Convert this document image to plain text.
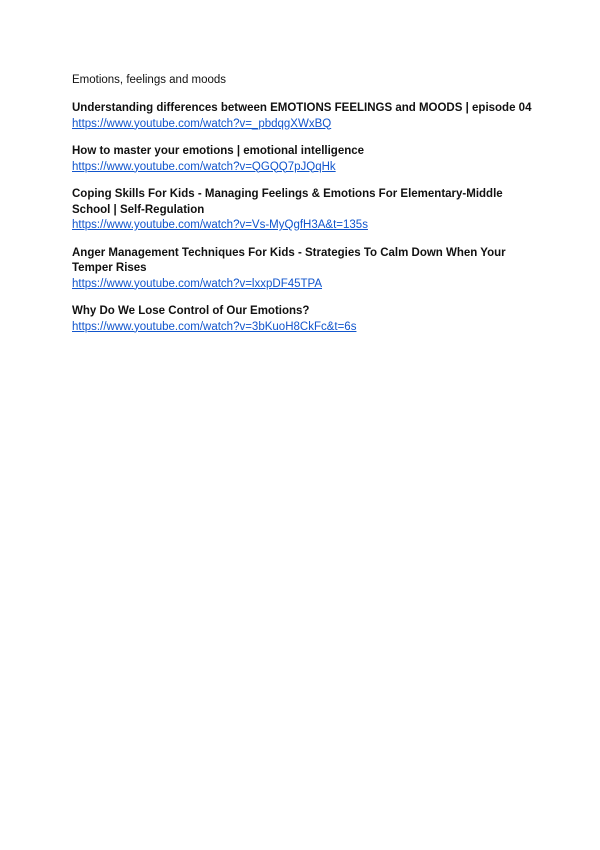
Emotions, feelings and moods

Understanding differences between EMOTIONS FEELINGS and MOODS | episode 04

https://www.youtube.com/watch?v=_pbdqgXWxBQ

How to master your emotions | emotional intelligence

https://www.youtube.com/watch?v=QGQQ7pJQqHk

Coping Skills For Kids - Managing Feelings & Emotions For Elementary-Middle School | Self-Regulation

https://www.youtube.com/watch?v=Vs-MyQgfH3A&t=135s

Anger Management Techniques For Kids - Strategies To Calm Down When Your Temper Rises

https://www.youtube.com/watch?v=lxxpDF45TPA

Why Do We Lose Control of Our Emotions?

https://www.youtube.com/watch?v=3bKuoH8CkFc&t=6s
